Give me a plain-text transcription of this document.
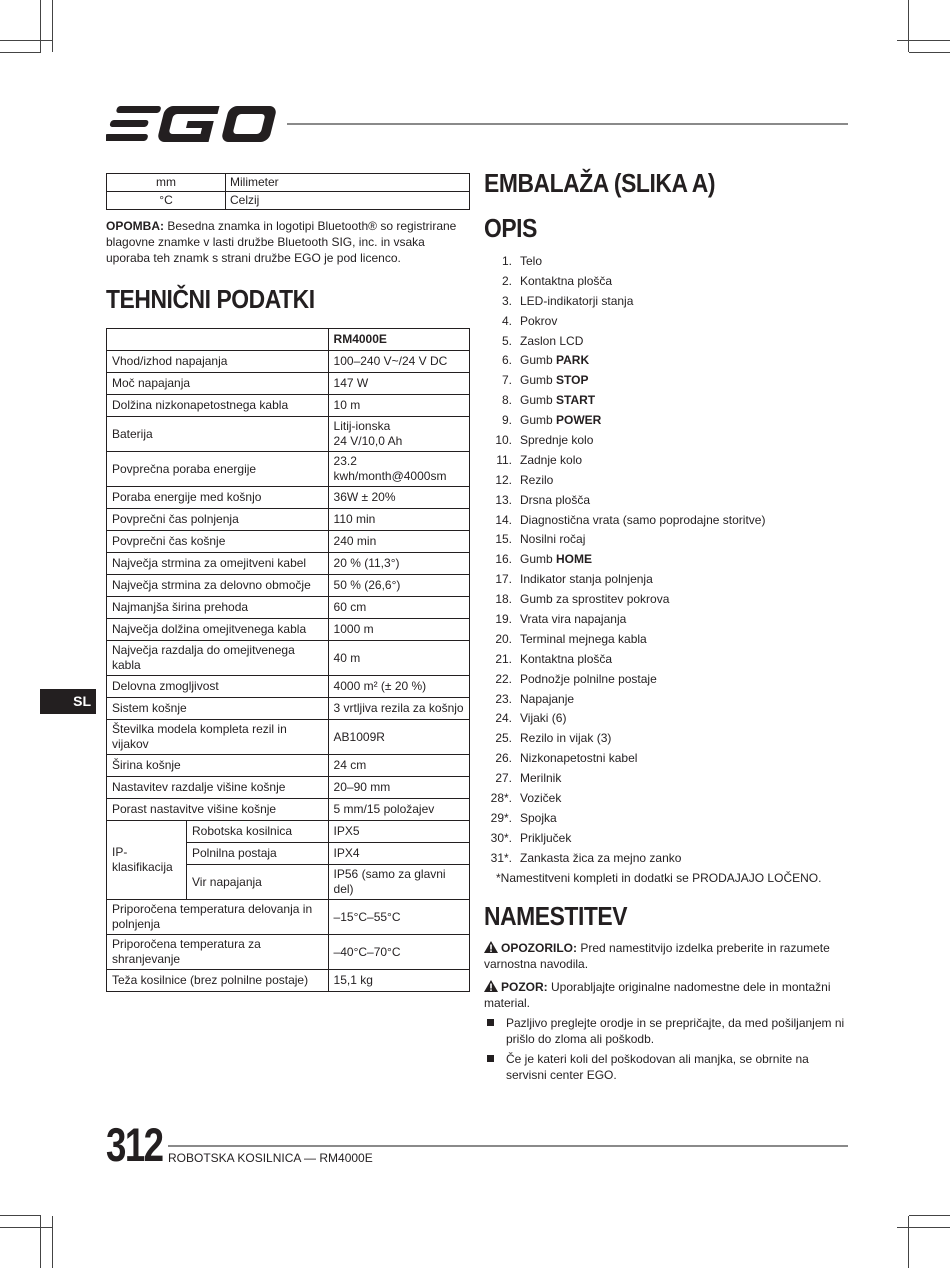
SL
mm	Milimeter
°C	Celzij

OPOMBA: Besedna znamka in logotipi Bluetooth® so registrirane blagovne znamke v lasti družbe Bluetooth SIG, inc. in vsaka uporaba teh znamk s strani družbe EGO je pod licenco.

TEHNIČNI PODATKI
		RM4000E
Vhod/izhod napajanja		100–240 V~/24 V DC
Moč napajanja		147 W
Dolžina nizkonapetostnega kabla		10 m
Baterija		Litij-ionska
24 V/10,0 Ah
Povprečna poraba energije		23.2 kwh/month@4000sm
Poraba energije med košnjo		36W ± 20%
Povprečni čas polnjenja		110 min
Povprečni čas košnje		240 min
Največja strmina za omejitveni kabel		20 % (11,3°)
Največja strmina za delovno območje		50 % (26,6°)
Najmanjša širina prehoda		60 cm
Največja dolžina omejitvenega kabla		1000 m
Največja razdalja do omejitvenega kabla		40 m
Delovna zmogljivost		4000 m² (± 20 %)
Sistem košnje		3 vrtljiva rezila za košnjo
Številka modela kompleta rezil in vijakov		AB1009R
Širina košnje		24 cm
Nastavitev razdalje višine košnje		20–90 mm
Porast nastavitve višine košnje		5 mm/15 položajev
IP-klasifikacija	Robotska kosilnica	IPX5
	Polnilna postaja	IPX4
	Vir napajanja	IP56 (samo za glavni del)
Priporočena temperatura delovanja in polnjenja		–15°C–55°C
Priporočena temperatura za shranjevanje		–40°C–70°C
Teža kosilnice (brez polnilne postaje)		15,1 kg
EMBALAŽA (SLIKA A)
OPIS
1. Telo
2. Kontaktna plošča
3. LED-indikatorji stanja
4. Pokrov
5. Zaslon LCD
6. Gumb PARK
7. Gumb STOP
8. Gumb START
9. Gumb POWER
10. Sprednje kolo
11. Zadnje kolo
12. Rezilo
13. Drsna plošča
14. Diagnostična vrata (samo poprodajne storitve)
15. Nosilni ročaj
16. Gumb HOME
17. Indikator stanja polnjenja
18. Gumb za sprostitev pokrova
19. Vrata vira napajanja
20. Terminal mejnega kabla
21. Kontaktna plošča
22. Podnožje polnilne postaje
23. Napajanje
24. Vijaki (6)
25. Rezilo in vijak (3)
26. Nizkonapetostni kabel
27. Merilnik
28*. Voziček
29*. Spojka
30*. Priključek
31*. Zankasta žica za mejno zanko
*Namestitveni kompleti in dodatki se PRODAJAJO LOČENO.
NAMESTITEV
OPOZORILO: Pred namestitvijo izdelka preberite in razumete varnostna navodila.
POZOR: Uporabljajte originalne nadomestne dele in montažni material.
Pazljivo preglejte orodje in se prepričajte, da med pošiljanjem ni prišlo do zloma ali poškodb.
Če je kateri koli del poškodovan ali manjka, se obrnite na servisni center EGO.
312 ROBOTSKA KOSILNICA — RM4000E
